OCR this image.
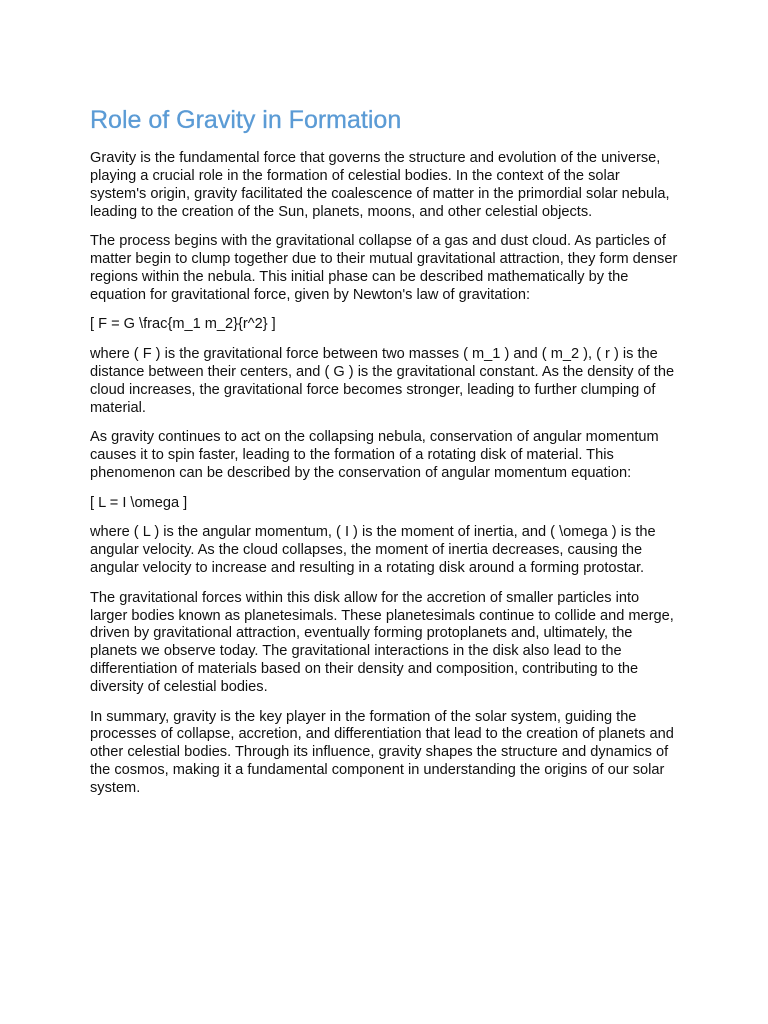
Role of Gravity in Formation

Gravity is the fundamental force that governs the structure and evolution of the universe, playing a crucial role in the formation of celestial bodies. In the context of the solar system's origin, gravity facilitated the coalescence of matter in the primordial solar nebula, leading to the creation of the Sun, planets, moons, and other celestial objects.

The process begins with the gravitational collapse of a gas and dust cloud. As particles of matter begin to clump together due to their mutual gravitational attraction, they form denser regions within the nebula. This initial phase can be described mathematically by the equation for gravitational force, given by Newton's law of gravitation:

[ F = G \frac{m_1 m_2}{r^2} ]

where ( F ) is the gravitational force between two masses ( m_1 ) and ( m_2 ), ( r ) is the distance between their centers, and ( G ) is the gravitational constant. As the density of the cloud increases, the gravitational force becomes stronger, leading to further clumping of material.

As gravity continues to act on the collapsing nebula, conservation of angular momentum causes it to spin faster, leading to the formation of a rotating disk of material. This phenomenon can be described by the conservation of angular momentum equation:

[ L = I \omega ]

where ( L ) is the angular momentum, ( I ) is the moment of inertia, and ( \omega ) is the angular velocity. As the cloud collapses, the moment of inertia decreases, causing the angular velocity to increase and resulting in a rotating disk around a forming protostar.

The gravitational forces within this disk allow for the accretion of smaller particles into larger bodies known as planetesimals. These planetesimals continue to collide and merge, driven by gravitational attraction, eventually forming protoplanets and, ultimately, the planets we observe today. The gravitational interactions in the disk also lead to the differentiation of materials based on their density and composition, contributing to the diversity of celestial bodies.

In summary, gravity is the key player in the formation of the solar system, guiding the processes of collapse, accretion, and differentiation that lead to the creation of planets and other celestial bodies. Through its influence, gravity shapes the structure and dynamics of the cosmos, making it a fundamental component in understanding the origins of our solar system.
